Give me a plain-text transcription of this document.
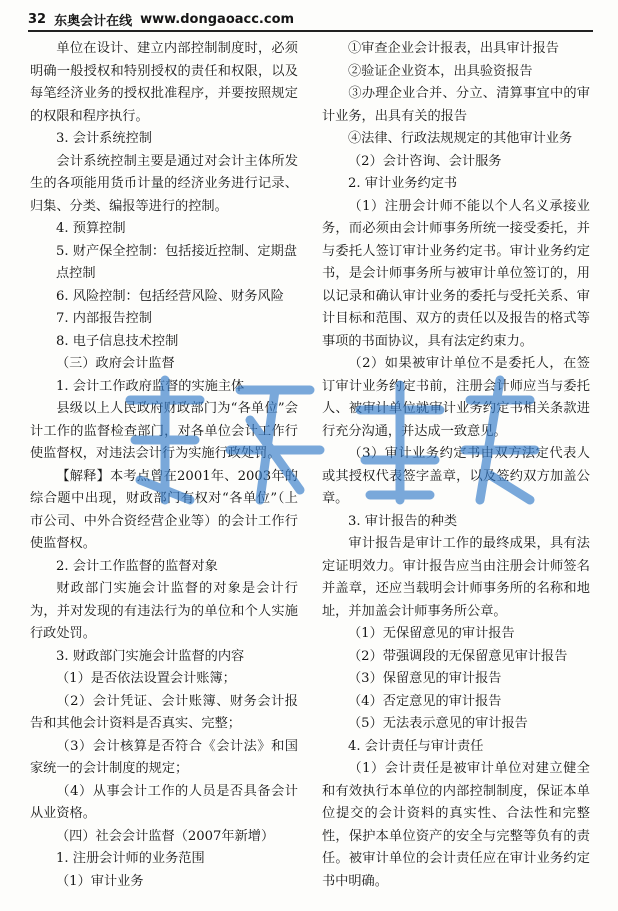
32 东奥会计在线 www.dongaoacc.com

单位在设计、建立内部控制制度时，必须明确一般授权和特别授权的责任和权限，以及每笔经济业务的授权批准程序，并要按照规定的权限和程序执行。

3. 会计系统控制

会计系统控制主要是通过对会计主体所发生的各项能用货币计量的经济业务进行记录、归集、分类、编报等进行的控制。

4. 预算控制

5. 财产保全控制：包括接近控制、定期盘点控制

6. 风险控制：包括经营风险、财务风险

7. 内部报告控制

8. 电子信息技术控制

（三）政府会计监督

1. 会计工作政府监督的实施主体

县级以上人民政府财政部门为“各单位”会计工作的监督检查部门，对各单位会计工作行使监督权，对违法会计行为实施行政处罚。

【解释】本考点曾在2001年、2003年的综合题中出现，财政部门有权对“各单位”（上市公司、中外合资经营企业等）的会计工作行使监督权。

2. 会计工作监督的监督对象

财政部门实施会计监督的对象是会计行为，并对发现的有违法行为的单位和个人实施行政处罚。

3. 财政部门实施会计监督的内容

（1）是否依法设置会计账簿；

（2）会计凭证、会计账簿、财务会计报告和其他会计资料是否真实、完整；

（3）会计核算是否符合《会计法》和国家统一的会计制度的规定；

（4）从事会计工作的人员是否具备会计从业资格。

（四）社会会计监督（2007年新增）

1. 注册会计师的业务范围

（1）审计业务

①审查企业会计报表，出具审计报告

②验证企业资本，出具验资报告

③办理企业合并、分立、清算事宜中的审计业务，出具有关的报告

④法律、行政法规规定的其他审计业务

（2）会计咨询、会计服务

2. 审计业务约定书

（1）注册会计师不能以个人名义承接业务，而必须由会计师事务所统一接受委托，并与委托人签订审计业务约定书。审计业务约定书，是会计师事务所与被审计单位签订的，用以记录和确认审计业务的委托与受托关系、审计目标和范围、双方的责任以及报告的格式等事项的书面协议，具有法定约束力。

（2）如果被审计单位不是委托人，在签订审计业务约定书前，注册会计师应当与委托人、被审计单位就审计业务约定书相关条款进行充分沟通，并达成一致意见。

（3）审计业务约定书由双方法定代表人或其授权代表签字盖章，以及签约双方加盖公章。

3. 审计报告的种类

审计报告是审计工作的最终成果，具有法定证明效力。审计报告应当由注册会计师签名并盖章，还应当载明会计师事务所的名称和地址，并加盖会计师事务所公章。

（1）无保留意见的审计报告

（2）带强调段的无保留意见审计报告

（3）保留意见的审计报告

（4）否定意见的审计报告

（5）无法表示意见的审计报告

4. 会计责任与审计责任

（1）会计责任是被审计单位对建立健全和有效执行本单位的内部控制制度，保证本单位提交的会计资料的真实性、合法性和完整性，保护本单位资产的安全与完整等负有的责任。被审计单位的会计责任应在审计业务约定书中明确。
